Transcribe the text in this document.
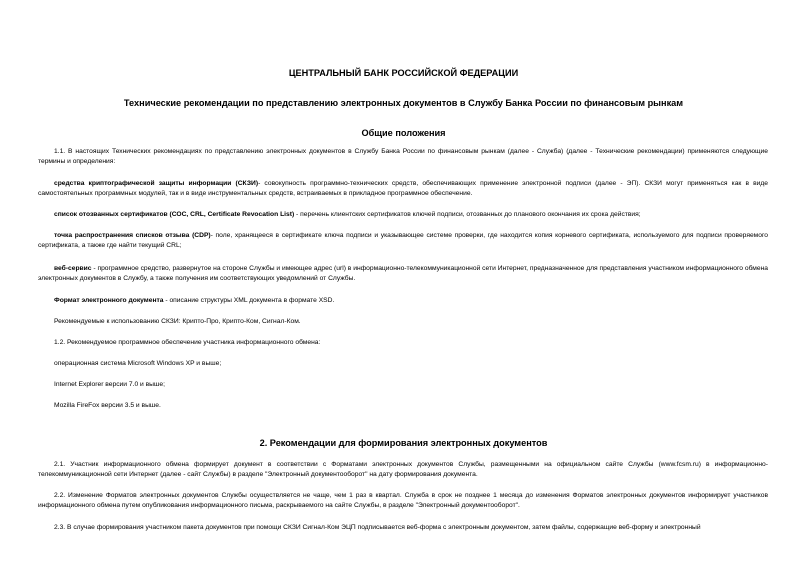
ЦЕНТРАЛЬНЫЙ БАНК РОССИЙСКОЙ ФЕДЕРАЦИИ
Технические рекомендации по представлению электронных документов в Службу Банка России по финансовым рынкам
Общие положения
1.1. В настоящих Технических рекомендациях по представлению электронных документов в Службу Банка России по финансовым рынкам (далее - Служба) (далее - Технические рекомендации) применяются следующие термины и определения:
средства криптографической защиты информации (СКЗИ)- совокупность программно-технических средств, обеспечивающих применение электронной подписи (далее - ЭП). СКЗИ могут применяться как в виде самостоятельных программных модулей, так и в виде инструментальных средств, встраиваемых в прикладное программное обеспечение.
список отозванных сертификатов (СОС, CRL, Certificate Revocation List) - перечень клиентских сертификатов ключей подписи, отозванных до планового окончания их срока действия;
точка распространения списков отзыва (CDP)- поле, хранящееся в сертификате ключа подписи и указывающее системе проверки, где находится копия корневого сертификата, используемого для подписи проверяемого сертификата, а также где найти текущий CRL;
веб-сервис - программное средство, развернутое на стороне Службы и имеющее адрес (url) в информационно-телекоммуникационной сети Интернет, предназначенное для представления участником информационного обмена электронных документов в Службу, а также получения им соответствующих уведомлений от Службы.
Формат электронного документа - описание структуры XML документа в формате XSD.
Рекомендуемые к использованию СКЗИ: Крипто-Про, Крипто-Ком, Сигнал-Ком.
1.2. Рекомендуемое программное обеспечение участника информационного обмена:
операционная система Microsoft Windows XP и выше;
Internet Explorer версии 7.0 и выше;
Mozilla FireFox версии 3.5 и выше.
2. Рекомендации для формирования электронных документов
2.1. Участник информационного обмена формирует документ в соответствии с Форматами электронных документов Службы, размещенными на официальном сайте Службы (www.fcsm.ru) в информационно-телекоммуникационной сети Интернет (далее - сайт Службы) в разделе "Электронный документооборот" на дату формирования документа.
2.2. Изменение Форматов электронных документов Службы осуществляется не чаще, чем 1 раз в квартал. Служба в срок не позднее 1 месяца до изменения Форматов электронных документов информирует участников информационного обмена путем опубликования информационного письма, раскрываемого на сайте Службы, в разделе "Электронный документооборот".
2.3. В случае формирования участником пакета документов при помощи СКЗИ Сигнал-Ком ЭЦП подписывается веб-форма с электронным документом, затем файлы, содержащие веб-форму и электронный
